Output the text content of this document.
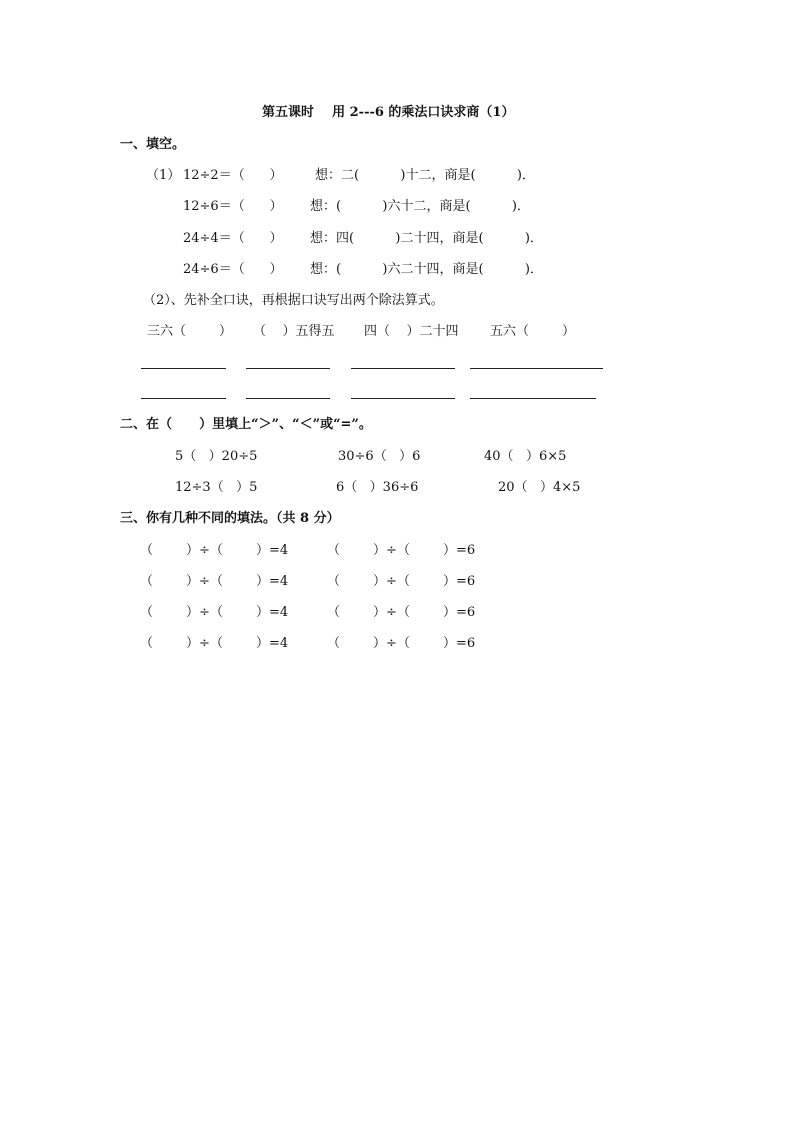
第五课时    用 2---6 的乘法口诀求商（1）
一、填空。
（1） 12÷2＝（      ）	想：二(          )十二，商是(          )．
12÷6＝（      ） 想：(          )六十二，商是(          )．
24÷4＝（      ） 想：四(          )二十四，商是(          )．
24÷6＝（      ） 想：(          )六二十四，商是(          )．
（2）、先补全口诀，再根据口诀写出两个除法算式。
三六（        ） （    ）五得五 四（    ）二十四 五六（        ）
二、在（      ）里填上“＞”、“＜”或“=”。
5（   ）20÷5	30÷6（   ）6	40（   ）6×5
12÷3（   ）5	6（   ）36÷6	20（   ）4×5
三、你有几种不同的填法。（共 8 分）
（        ）÷（        ）=4	（        ）÷（        ）=6
（        ）÷（        ）=4	（        ）÷（        ）=6
（        ）÷（        ）=4	（        ）÷（        ）=6
（        ）÷（        ）=4	（        ）÷（        ）=6
